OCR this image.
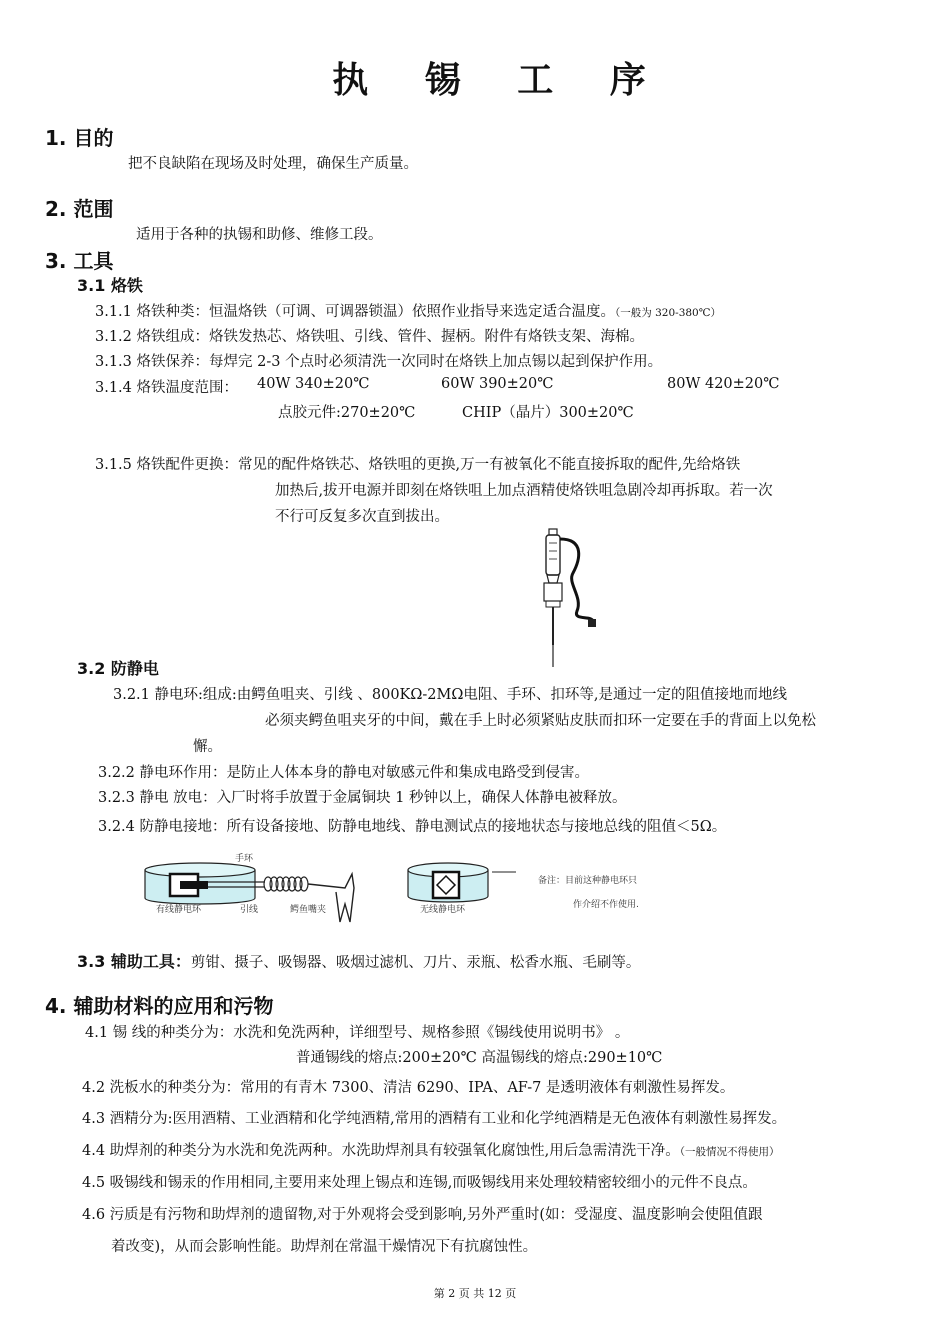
执 锡 工 序
1. 目的
把不良缺陷在现场及时处理，确保生产质量。
2. 范围
适用于各种的执锡和助修、维修工段。
3. 工具
3.1 烙铁
3.1.1 烙铁种类：恒温烙铁（可调、可调器锁温）依照作业指导来选定适合温度。（一般为 320-380℃）
3.1.2 烙铁组成：烙铁发热芯、烙铁咀、引线、管件、握柄。附件有烙铁支架、海棉。
3.1.3 烙铁保养：每焊完 2-3 个点时必须清洗一次同时在烙铁上加点锡以起到保护作用。
3.1.4 烙铁温度范围： 40W 340±20℃	60W 390±20℃	80W 420±20℃
点胶元件:270±20℃	CHIP（晶片）300±20℃
3.1.5 烙铁配件更换：常见的配件烙铁芯、烙铁咀的更换,万一有被氧化不能直接拆取的配件,先给烙铁
加热后,拔开电源并即刻在烙铁咀上加点酒精使烙铁咀急剧冷却再拆取。若一次
不行可反复多次直到拔出。
3.2 防静电
3.2.1 静电环:组成:由鳄鱼咀夹、引线 、800KΩ-2MΩ电阻、手环、扣环等,是通过一定的阻值接地而地线
必须夹鳄鱼咀夹牙的中间，戴在手上时必须紧贴皮肤而扣环一定要在手的背面上以免松
懈。
3.2.2 静电环作用：是防止人体本身的静电对敏感元件和集成电路受到侵害。
3.2.3 静电 放电：入厂时将手放置于金属铜块 1 秒钟以上，确保人体静电被释放。
3.2.4 防静电接地：所有设备接地、防静电地线、静电测试点的接地状态与接地总线的阻值＜5Ω。
手环
有线静电环	引线	鳄鱼嘴夹	无线静电环
备注：目前这种静电环只
作介绍不作使用.
3.3 辅助工具：剪钳、摄子、吸锡器、吸烟过滤机、刀片、汞瓶、松香水瓶、毛刷等。
4. 辅助材料的应用和污物
4.1 锡 线的种类分为：水洗和免洗两种，详细型号、规格参照《锡线使用说明书》 。
普通锡线的熔点:200±20℃ 高温锡线的熔点:290±10℃
4.2 洗板水的种类分为：常用的有青木 7300、清洁 6290、IPA、AF-7 是透明液体有刺激性易挥发。
4.3 酒精分为:医用酒精、工业酒精和化学纯酒精,常用的酒精有工业和化学纯酒精是无色液体有刺激性易挥发。
4.4 助焊剂的种类分为水洗和免洗两种。水洗助焊剂具有较强氧化腐蚀性,用后急需清洗干净。（一般情况不得使用）
4.5 吸锡线和锡汞的作用相同,主要用来处理上锡点和连锡,而吸锡线用来处理较精密较细小的元件不良点。
4.6 污质是有污物和助焊剂的遗留物,对于外观将会受到影响,另外严重时(如：受湿度、温度影响会使阻值跟
着改变)，从而会影响性能。助焊剂在常温干燥情况下有抗腐蚀性。
第 2 页 共 12 页
